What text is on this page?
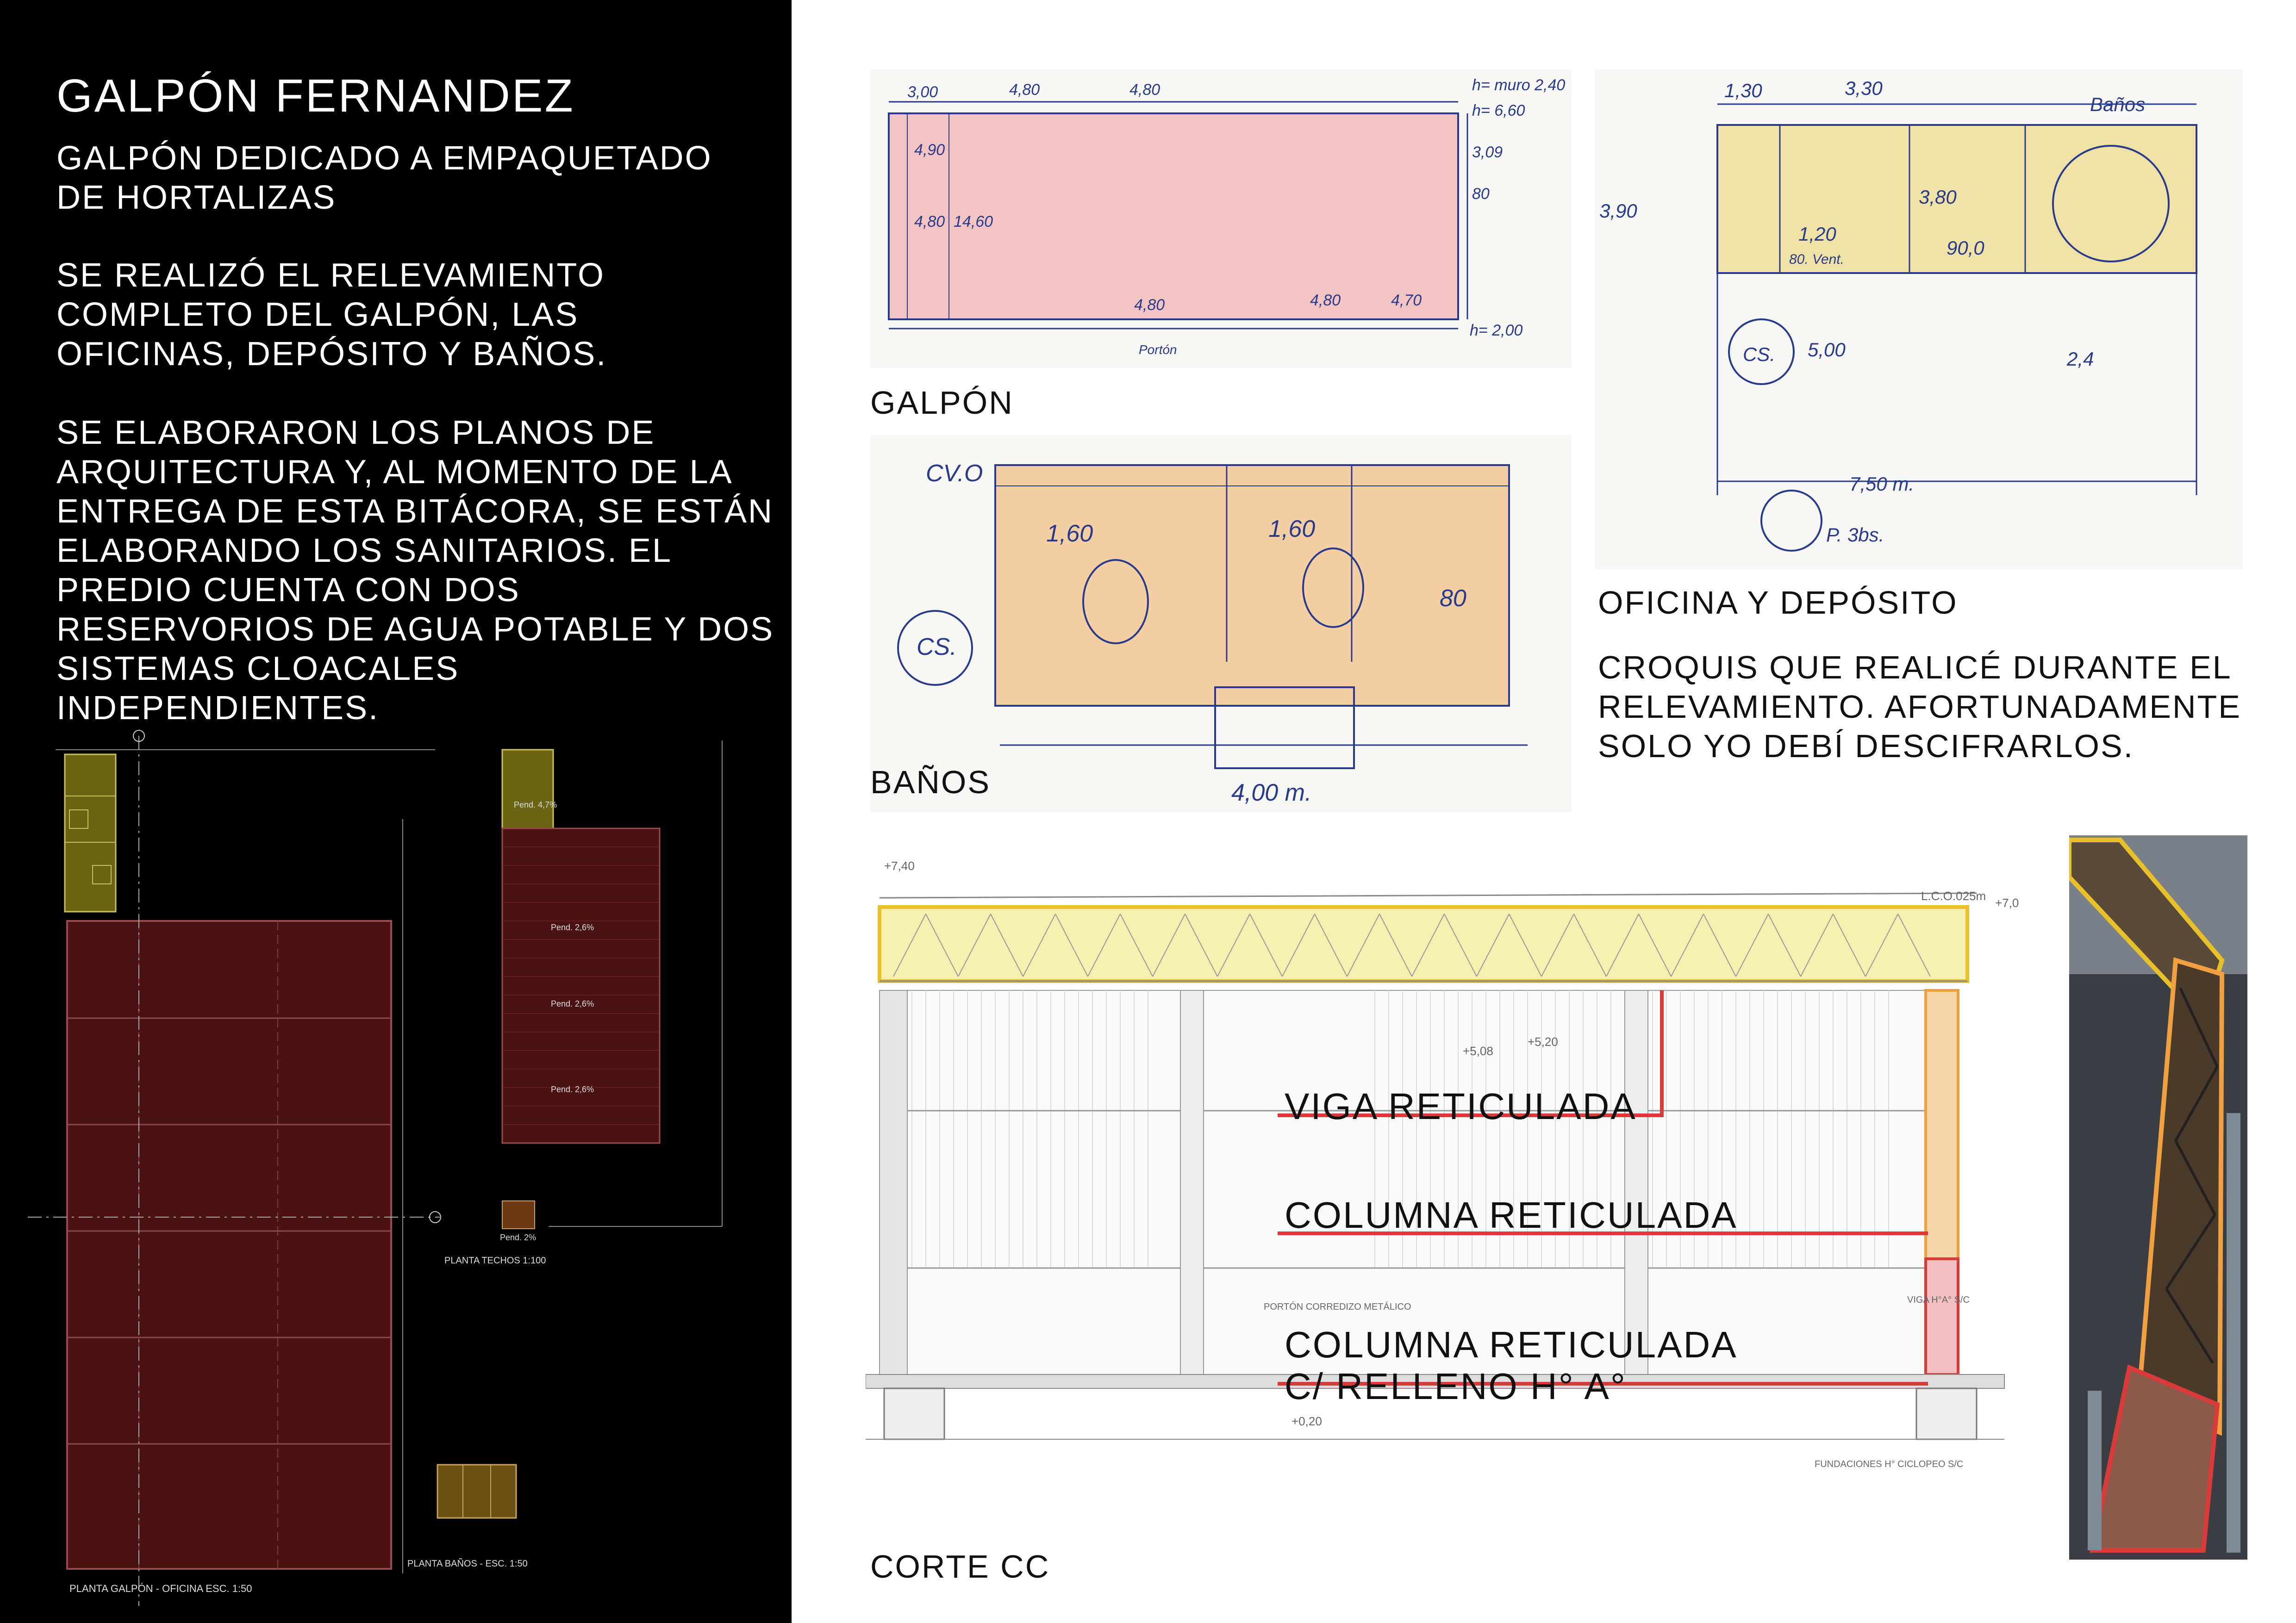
GALPÓN FERNANDEZ

GALPÓN DEDICADO A EMPAQUETADO DE HORTALIZAS

SE REALIZÓ EL RELEVAMIENTO COMPLETO DEL GALPÓN, LAS OFICINAS, DEPÓSITO Y BAÑOS.

SE ELABORARON LOS PLANOS DE ARQUITECTURA Y, AL MOMENTO DE LA ENTREGA DE ESTA BITÁCORA, SE ESTÁN ELABORANDO LOS SANITARIOS. EL PREDIO CUENTA CON DOS RESERVORIOS DE AGUA POTABLE Y DOS SISTEMAS CLOACALES INDEPENDIENTES.

PLANTA GALPÓN - OFICINA ESC. 1:50
Pend. 4,7%
Pend. 2,6%
Pend. 2,6%
Pend. 2,6%
Pend. 2%
PLANTA TECHOS 1:100
PLANTA BAÑOS - ESC. 1:50
3,00	4,80	4,80	h= muro 2,40
h= 6,60
4,90
4,80 14,60
3,09
80
4,80	4,80	4,70
h= 2,00
Portón
GALPÓN
CV.O
1,60	1,60
80
CS.
4,00 m.
BAÑOS
1,30	3,30
Baños
3,90
1,20
3,80
90,0
80. Vent.
CS. 5,00	2,4
7,50 m.
P. 3bs.
OFICINA Y DEPÓSITO
CROQUIS QUE REALICÉ DURANTE EL RELEVAMIENTO. AFORTUNADAMENTE SOLO YO DEBÍ DESCIFRARLOS.
+7,40
L.C.O.025m +7,0
+5,08
+5,20
+0,20
PORTÓN CORREDIZO METÁLICO
VIGA H°A° S/C
FUNDACIONES H° CICLOPEO S/C
VIGA RETICULADA
COLUMNA RETICULADA
COLUMNA RETICULADA
C/ RELLENO H° A°
CORTE CC
